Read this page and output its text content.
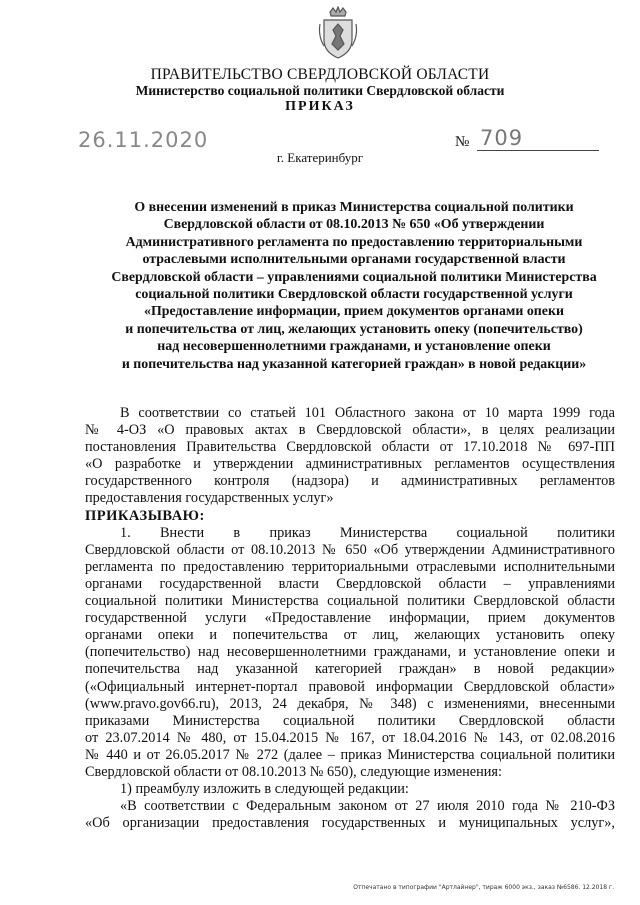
ПРАВИТЕЛЬСТВО СВЕРДЛОВСКОЙ ОБЛАСТИ
Министерство социальной политики Свердловской области
ПРИКАЗ
26.11.2020	№ 709
г. Екатеринбург
О внесении изменений в приказ Министерства социальной политики
Свердловской области от 08.10.2013 № 650 «Об утверждении
Административного регламента по предоставлению территориальными
отраслевыми исполнительными органами государственной власти
Свердловской области – управлениями социальной политики Министерства
социальной политики Свердловской области государственной услуги
«Предоставление информации, прием документов органами опеки
и попечительства от лиц, желающих установить опеку (попечительство)
над несовершеннолетними гражданами, и установление опеки
и попечительства над указанной категорией граждан» в новой редакции»

В соответствии со статьей 101 Областного закона от 10 марта 1999 года

№ 4-ОЗ «О правовых актах в Свердловской области», в целях реализации

постановления Правительства Свердловской области от 17.10.2018 № 697-ПП

«О разработке и утверждении административных регламентов осуществления

государственного контроля (надзора) и административных регламентов

предоставления государственных услуг»

ПРИКАЗЫВАЮ:

1. Внести в приказ Министерства социальной политики

Свердловской области от 08.10.2013 № 650 «Об утверждении Административного

регламента по предоставлению территориальными отраслевыми исполнительными

органами государственной власти Свердловской области – управлениями

социальной политики Министерства социальной политики Свердловской области

государственной услуги «Предоставление информации, прием документов

органами опеки и попечительства от лиц, желающих установить опеку

(попечительство) над несовершеннолетними гражданами, и установление опеки и

попечительства над указанной категорией граждан» в новой редакции»

(«Официальный интернет-портал правовой информации Свердловской области»

(www.pravo.gov66.ru), 2013, 24 декабря, № 348) с изменениями, внесенными

приказами Министерства социальной политики Свердловской области

от 23.07.2014 № 480, от 15.04.2015 № 167, от 18.04.2016 № 143, от 02.08.2016

№ 440 и от 26.05.2017 № 272 (далее – приказ Министерства социальной политики

Свердловской области от 08.10.2013 № 650), следующие изменения:

1) преамбулу изложить в следующей редакции:

«В соответствии с Федеральным законом от 27 июля 2010 года № 210-ФЗ

«Об организации предоставления государственных и муниципальных услуг»,

Отпечатано в типографии "Артлайнер", тираж 6000 экз., заказ №6586. 12.2018 г.
